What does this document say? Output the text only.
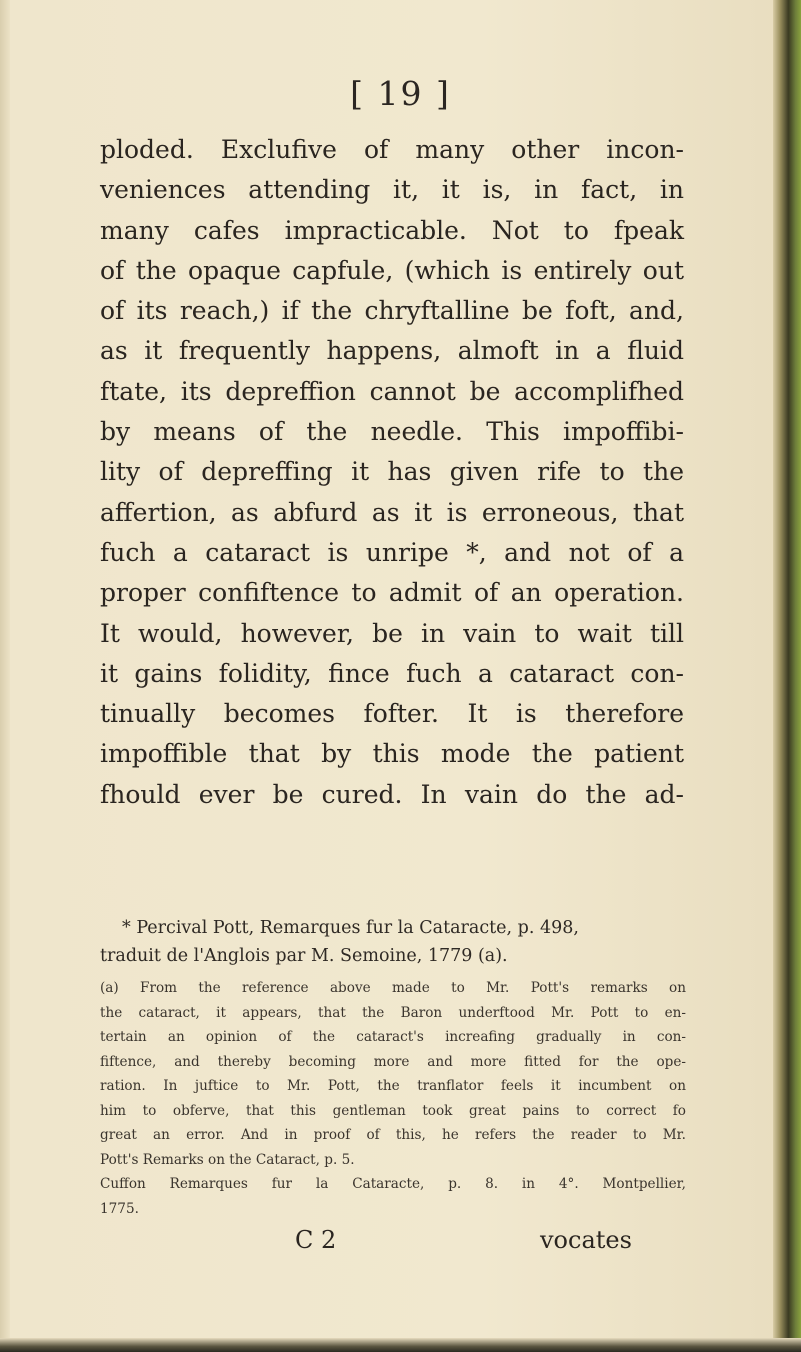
[ 19 ]
ploded. Exclufive of many other incon-
veniences attending it, it is, in fact, in
many cafes impracticable. Not to fpeak
of the opaque capfule, (which is entirely out
of its reach,) if the chryftalline be foft, and,
as it frequently happens, almoft in a fluid
ftate, its depreffion cannot be accomplifhed
by means of the needle. This impoffibi-
lity of depreffing it has given rife to the
affertion, as abfurd as it is erroneous, that
fuch a cataract is unripe *, and not of a
proper confiftence to admit of an operation.
It would, however, be in vain to wait till
it gains folidity, fince fuch a cataract con-
tinually becomes fofter. It is therefore
impoffible that by this mode the patient
fhould ever be cured. In vain do the ad-
* Percival Pott, Remarques fur la Cataracte, p. 498,
traduit de l'Anglois par M. Semoine, 1779 (a).
(a) From the reference above made to Mr. Pott's remarks on
the cataract, it appears, that the Baron underftood Mr. Pott to en-
tertain an opinion of the cataract's increafing gradually in con-
fiftence, and thereby becoming more and more fitted for the ope-
ration. In juftice to Mr. Pott, the tranflator feels it incumbent on
him to obferve, that this gentleman took great pains to correct fo
great an error. And in proof of this, he refers the reader to Mr.
Pott's Remarks on the Cataract, p. 5.
Cuffon Remarques fur la Cataracte, p. 8. in 4°. Montpellier,
1775.
C 2	vocates
